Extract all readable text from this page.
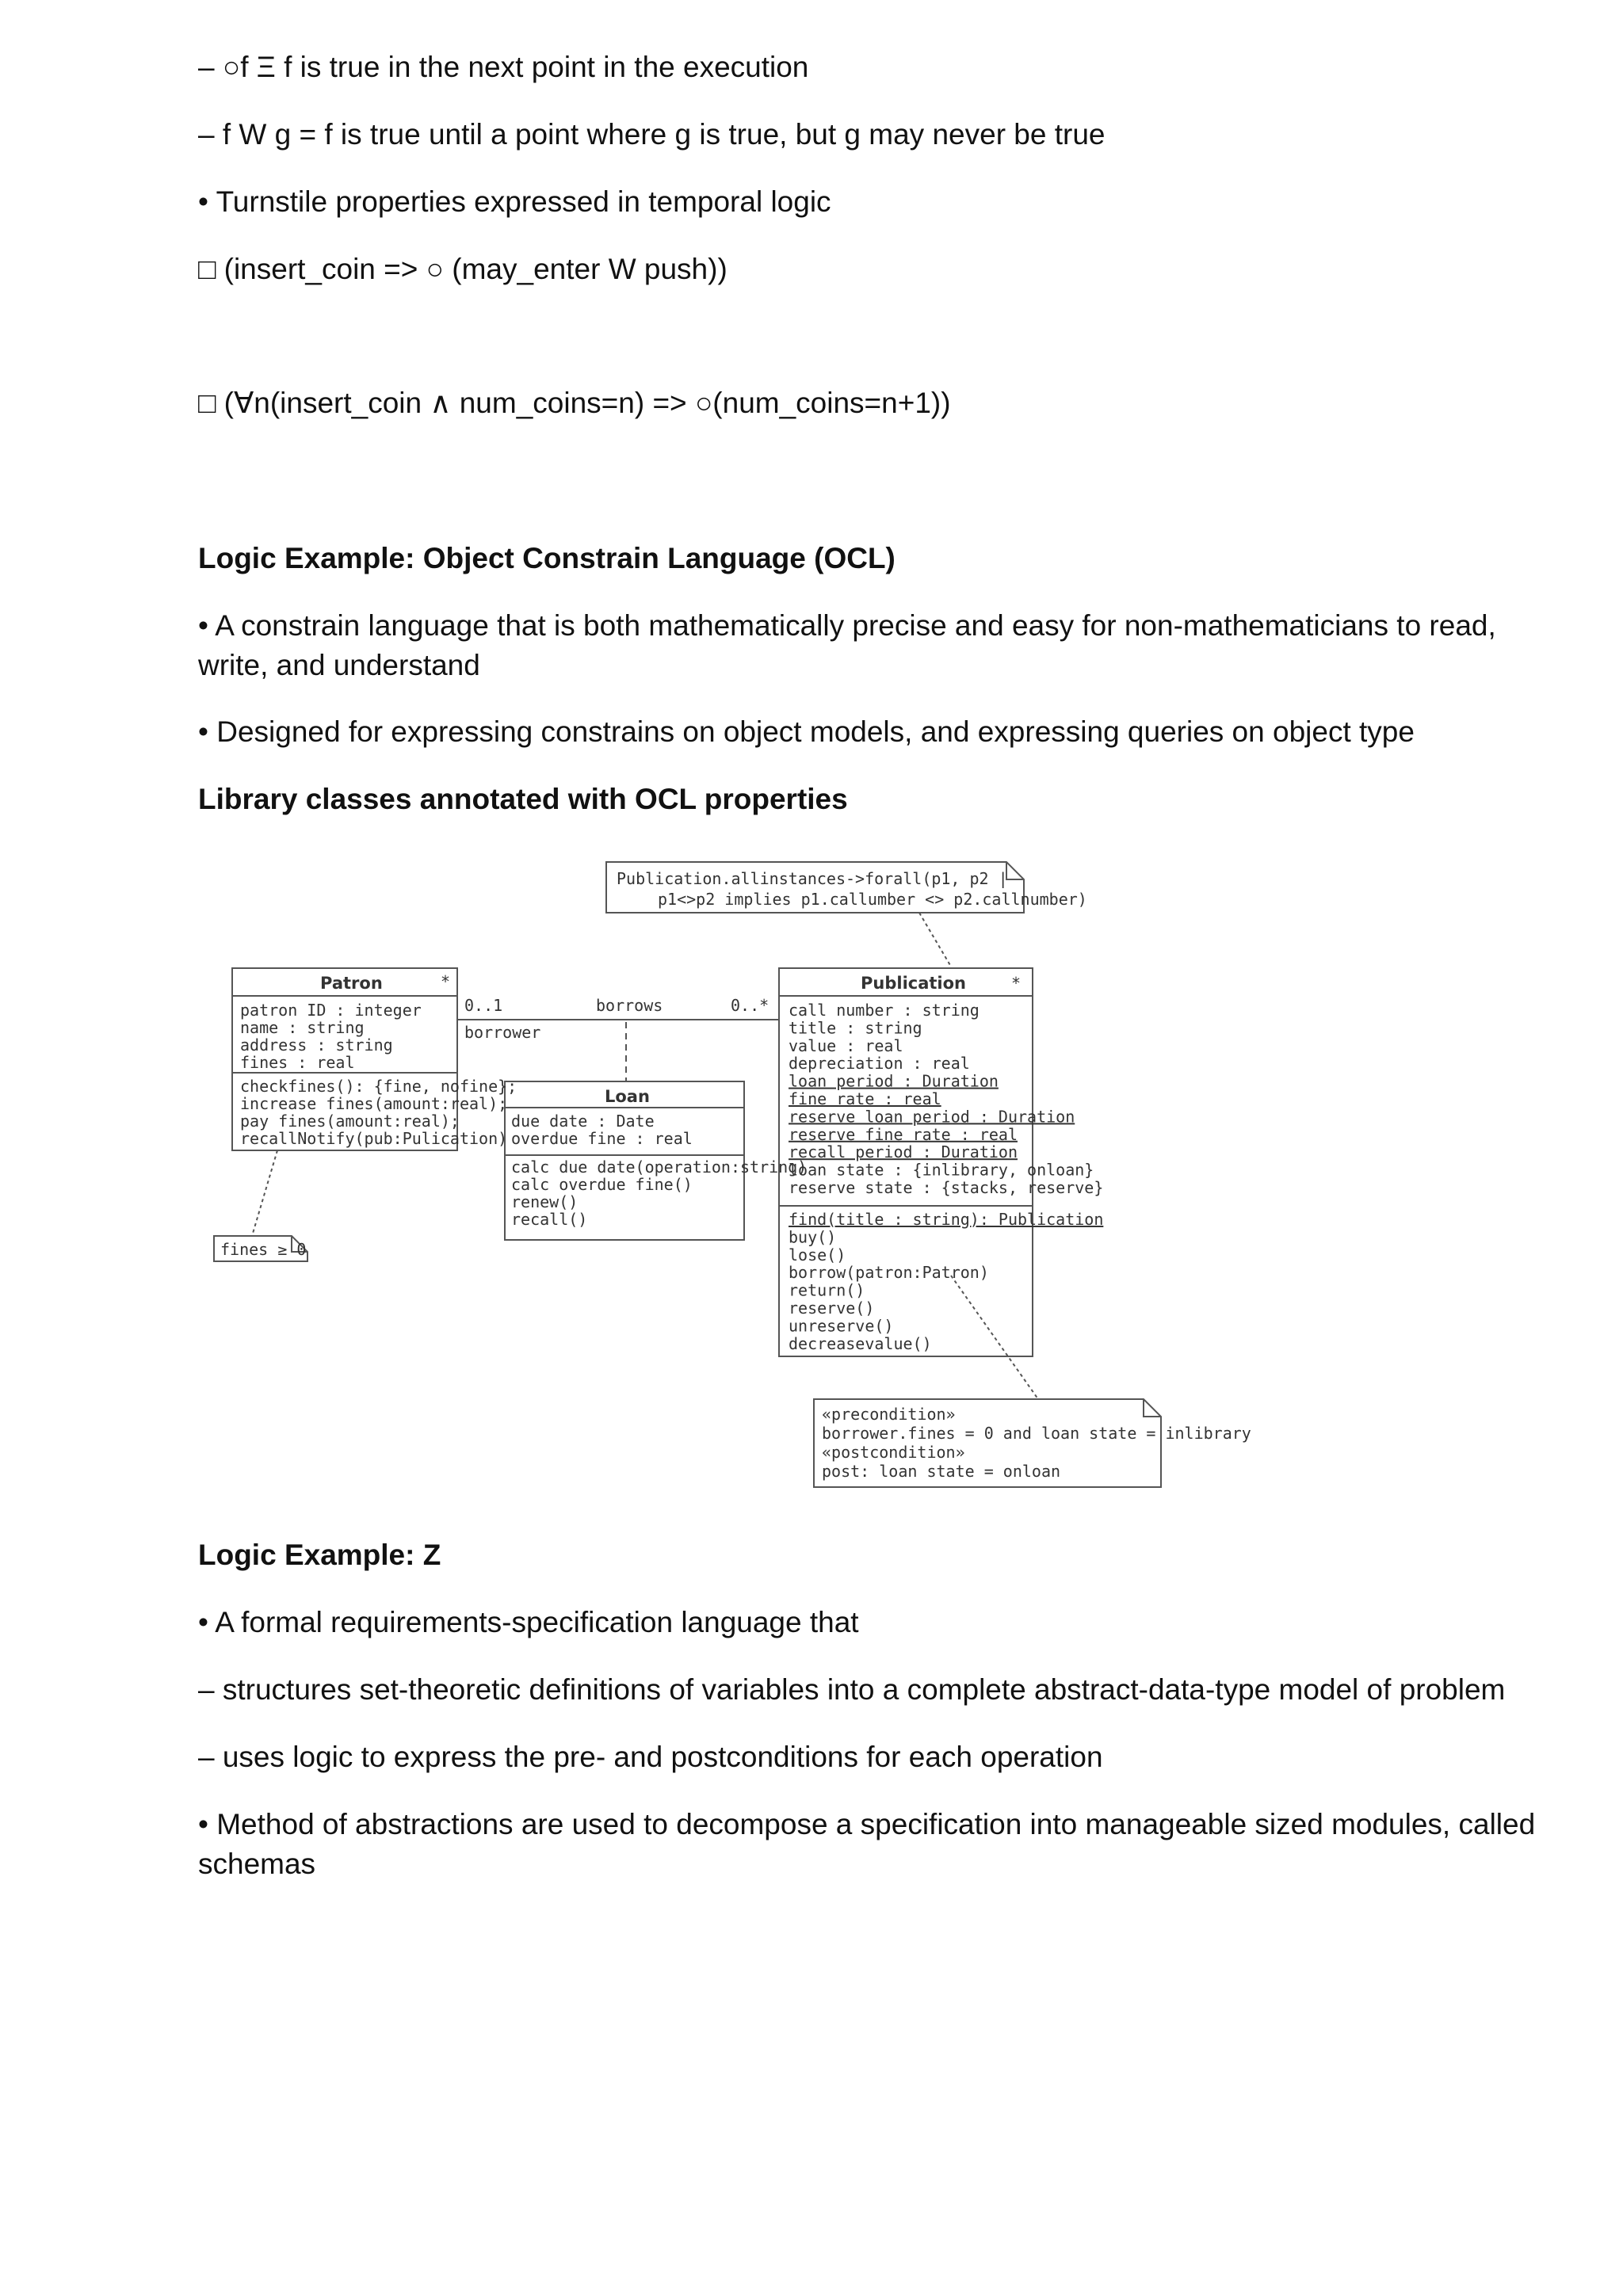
– ○f Ξ f is true in the next point in the execution
– f W g = f is true until a point where g is true, but g may never be true
• Turnstile properties expressed in temporal logic
□ (insert_coin => ○ (may_enter W push))
□ (∀n(insert_coin ∧ num_coins=n) => ○(num_coins=n+1))
Logic Example: Object Constrain Language (OCL)
• A constrain language that is both mathematically precise and easy for non-mathematicians to read, write, and understand
• Designed for expressing constrains on object models, and expressing queries on object type
Library classes annotated with OCL properties
Publication.allinstances->forall(p1, p2 |
p1<>p2 implies p1.callumber <> p2.callnumber)
Patron	*
patron ID : integer
name : string
address : string
fines : real
checkfines(): {fine, nofine};
increase fines(amount:real);
pay fines(amount:real);
recallNotify(pub:Pulication)
0..1	borrows	0..*
borrower
Loan
due date : Date
overdue fine : real
calc due date(operation:string)
calc overdue fine()
renew()
recall()
Publication	*
call number : string
title : string
value : real
depreciation : real
loan period : Duration
fine rate : real
reserve loan period : Duration
reserve fine rate : real
recall period : Duration
loan state : {inlibrary, onloan}
reserve state : {stacks, reserve}
find(title : string): Publication
buy()
lose()
borrow(patron:Patron)
return()
reserve()
unreserve()
decreasevalue()
fines ≥ 0
«precondition»
borrower.fines = 0 and loan state = inlibrary
«postcondition»
post: loan state = onloan
Logic Example: Z
• A formal requirements-specification language that
– structures set-theoretic definitions of variables into a complete abstract-data-type model of problem
– uses logic to express the pre- and postconditions for each operation
• Method of abstractions are used to decompose a specification into manageable sized modules, called schemas
